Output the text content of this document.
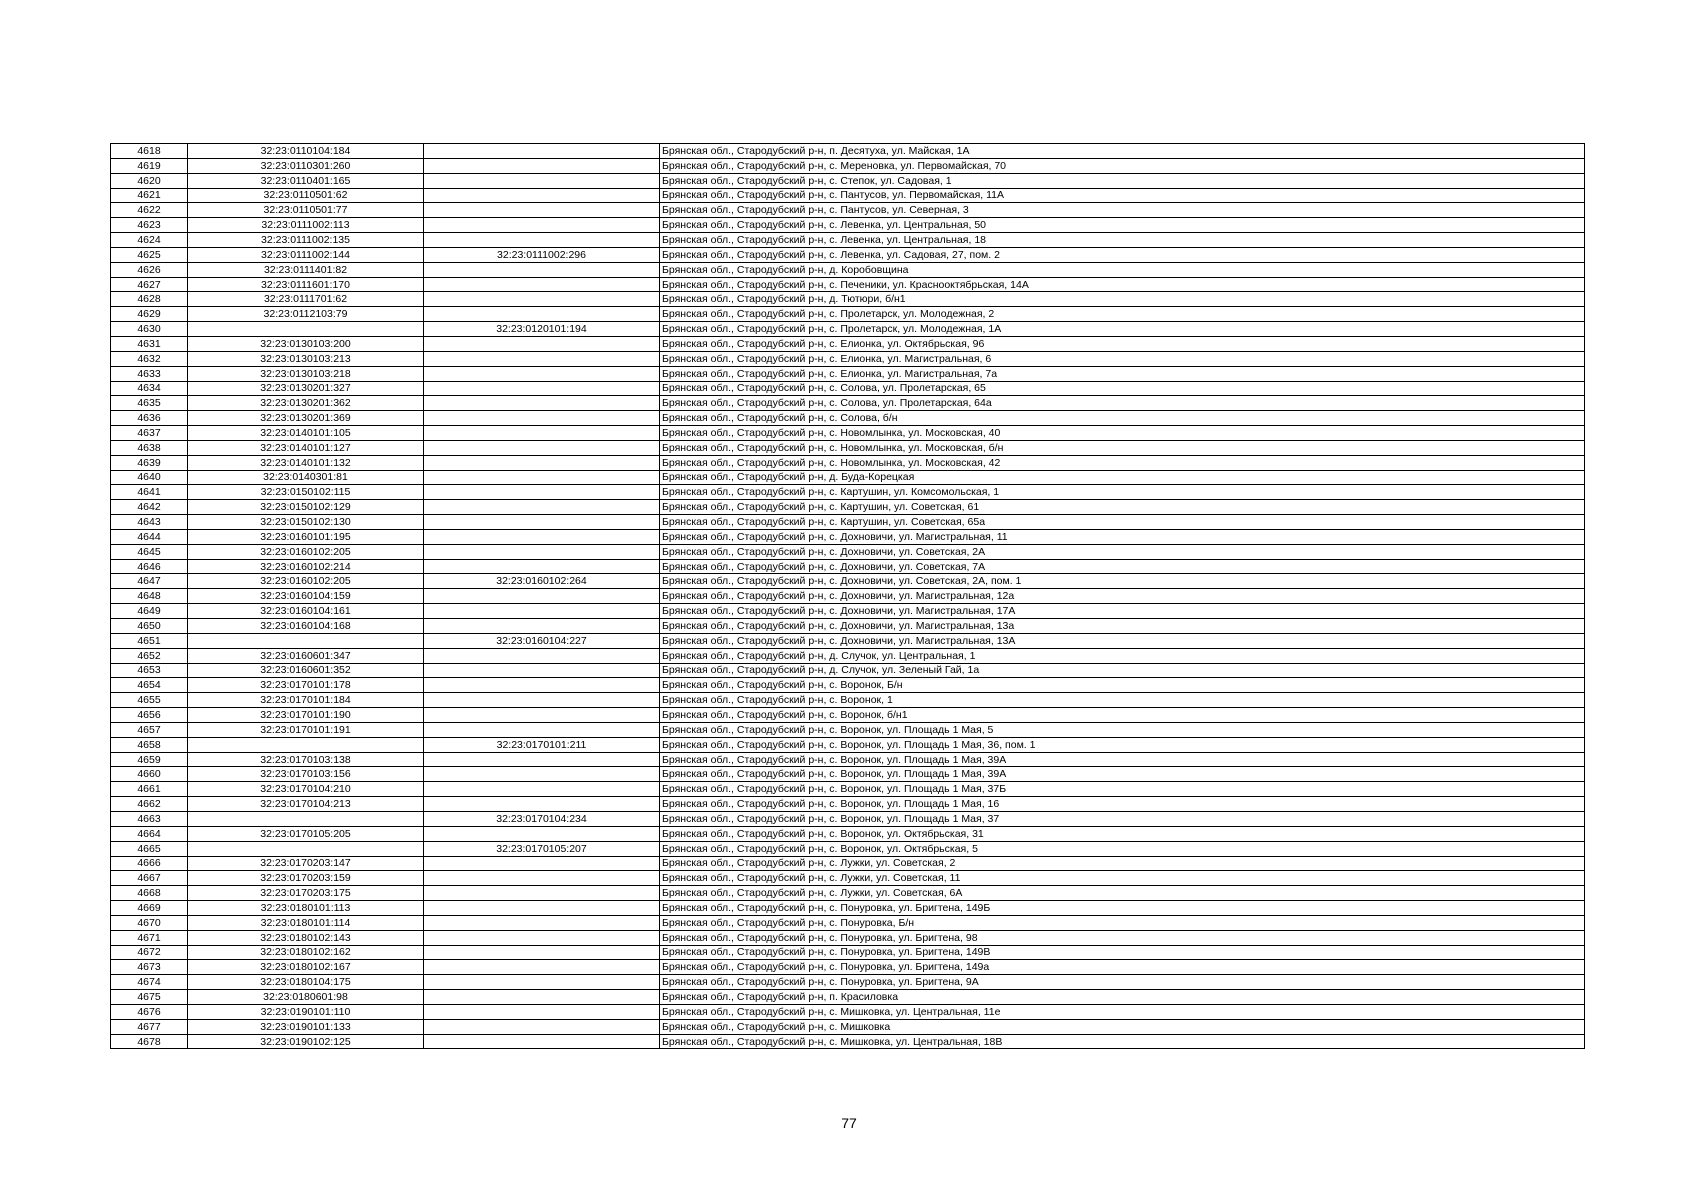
4618	32:23:0110104:184		Брянская обл., Стародубский р-н, п. Десятуха, ул. Майская, 1А
4619	32:23:0110301:260		Брянская обл., Стародубский р-н, с. Мереновка, ул. Первомайская, 70
4620	32:23:0110401:165		Брянская обл., Стародубский р-н, с. Степок, ул. Садовая, 1
4621	32:23:0110501:62		Брянская обл., Стародубский р-н, с. Пантусов, ул. Первомайская, 11А
4622	32:23:0110501:77		Брянская обл., Стародубский р-н, с. Пантусов, ул. Северная, 3
4623	32:23:0111002:113		Брянская обл., Стародубский р-н, с. Левенка, ул. Центральная, 50
4624	32:23:0111002:135		Брянская обл., Стародубский р-н, с. Левенка, ул. Центральная, 18
4625	32:23:0111002:144	32:23:0111002:296	Брянская обл., Стародубский р-н, с. Левенка, ул. Садовая, 27, пом. 2
4626	32:23:0111401:82		Брянская обл., Стародубский р-н, д. Коробовщина
4627	32:23:0111601:170		Брянская обл., Стародубский р-н, с. Печеники, ул. Краснооктябрьская, 14А
4628	32:23:0111701:62		Брянская обл., Стародубский р-н, д. Тютюри, б/н1
4629	32:23:0112103:79		Брянская обл., Стародубский р-н, с. Пролетарск, ул. Молодежная, 2
4630		32:23:0120101:194	Брянская обл., Стародубский р-н, с. Пролетарск, ул. Молодежная, 1А
4631	32:23:0130103:200		Брянская обл., Стародубский р-н, с. Елионка, ул. Октябрьская, 96
4632	32:23:0130103:213		Брянская обл., Стародубский р-н, с. Елионка, ул. Магистральная, 6
4633	32:23:0130103:218		Брянская обл., Стародубский р-н, с. Елионка, ул. Магистральная, 7а
4634	32:23:0130201:327		Брянская обл., Стародубский р-н, с. Солова, ул. Пролетарская, 65
4635	32:23:0130201:362		Брянская обл., Стародубский р-н, с. Солова, ул. Пролетарская, 64а
4636	32:23:0130201:369		Брянская обл., Стародубский р-н, с. Солова, б/н
4637	32:23:0140101:105		Брянская обл., Стародубский р-н, с. Новомлынка, ул. Московская, 40
4638	32:23:0140101:127		Брянская обл., Стародубский р-н, с. Новомлынка, ул. Московская, б/н
4639	32:23:0140101:132		Брянская обл., Стародубский р-н, с. Новомлынка, ул. Московская, 42
4640	32:23:0140301:81		Брянская обл., Стародубский р-н, д. Буда-Корецкая
4641	32:23:0150102:115		Брянская обл., Стародубский р-н, с. Картушин, ул. Комсомольская, 1
4642	32:23:0150102:129		Брянская обл., Стародубский р-н, с. Картушин, ул. Советская, 61
4643	32:23:0150102:130		Брянская обл., Стародубский р-н, с. Картушин, ул. Советская, 65а
4644	32:23:0160101:195		Брянская обл., Стародубский р-н, с. Дохновичи, ул. Магистральная, 11
4645	32:23:0160102:205		Брянская обл., Стародубский р-н, с. Дохновичи, ул. Советская, 2А
4646	32:23:0160102:214		Брянская обл., Стародубский р-н, с. Дохновичи, ул. Советская, 7А
4647	32:23:0160102:205	32:23:0160102:264	Брянская обл., Стародубский р-н, с. Дохновичи, ул. Советская, 2А, пом. 1
4648	32:23:0160104:159		Брянская обл., Стародубский р-н, с. Дохновичи, ул. Магистральная, 12а
4649	32:23:0160104:161		Брянская обл., Стародубский р-н, с. Дохновичи, ул. Магистральная, 17А
4650	32:23:0160104:168		Брянская обл., Стародубский р-н, с. Дохновичи, ул. Магистральная, 13а
4651		32:23:0160104:227	Брянская обл., Стародубский р-н, с. Дохновичи, ул. Магистральная, 13А
4652	32:23:0160601:347		Брянская обл., Стародубский р-н, д. Случок, ул. Центральная, 1
4653	32:23:0160601:352		Брянская обл., Стародубский р-н, д. Случок, ул. Зеленый Гай, 1а
4654	32:23:0170101:178		Брянская обл., Стародубский р-н, с. Воронок, Б/н
4655	32:23:0170101:184		Брянская обл., Стародубский р-н, с. Воронок, 1
4656	32:23:0170101:190		Брянская обл., Стародубский р-н, с. Воронок, б/н1
4657	32:23:0170101:191		Брянская обл., Стародубский р-н, с. Воронок, ул. Площадь 1 Мая, 5
4658		32:23:0170101:211	Брянская обл., Стародубский р-н, с. Воронок, ул. Площадь 1 Мая, 36, пом. 1
4659	32:23:0170103:138		Брянская обл., Стародубский р-н, с. Воронок, ул. Площадь 1 Мая, 39А
4660	32:23:0170103:156		Брянская обл., Стародубский р-н, с. Воронок, ул. Площадь 1 Мая, 39А
4661	32:23:0170104:210		Брянская обл., Стародубский р-н, с. Воронок, ул. Площадь 1 Мая, 37Б
4662	32:23:0170104:213		Брянская обл., Стародубский р-н, с. Воронок, ул. Площадь 1 Мая, 16
4663		32:23:0170104:234	Брянская обл., Стародубский р-н, с. Воронок, ул. Площадь 1 Мая, 37
4664	32:23:0170105:205		Брянская обл., Стародубский р-н, с. Воронок, ул. Октябрьская, 31
4665		32:23:0170105:207	Брянская обл., Стародубский р-н, с. Воронок, ул. Октябрьская, 5
4666	32:23:0170203:147		Брянская обл., Стародубский р-н, с. Лужки, ул. Советская, 2
4667	32:23:0170203:159		Брянская обл., Стародубский р-н, с. Лужки, ул. Советская, 11
4668	32:23:0170203:175		Брянская обл., Стародубский р-н, с. Лужки, ул. Советская, 6А
4669	32:23:0180101:113		Брянская обл., Стародубский р-н, с. Понуровка, ул. Бригтена, 149Б
4670	32:23:0180101:114		Брянская обл., Стародубский р-н, с. Понуровка, Б/н
4671	32:23:0180102:143		Брянская обл., Стародубский р-н, с. Понуровка, ул. Бригтена, 98
4672	32:23:0180102:162		Брянская обл., Стародубский р-н, с. Понуровка, ул. Бригтена, 149В
4673	32:23:0180102:167		Брянская обл., Стародубский р-н, с. Понуровка, ул. Бригтена, 149а
4674	32:23:0180104:175		Брянская обл., Стародубский р-н, с. Понуровка, ул. Бригтена, 9А
4675	32:23:0180601:98		Брянская обл., Стародубский р-н, п. Красиловка
4676	32:23:0190101:110		Брянская обл., Стародубский р-н, с. Мишковка, ул. Центральная, 11е
4677	32:23:0190101:133		Брянская обл., Стародубский р-н, с. Мишковка
4678	32:23:0190102:125		Брянская обл., Стародубский р-н, с. Мишковка, ул. Центральная, 18В
77
